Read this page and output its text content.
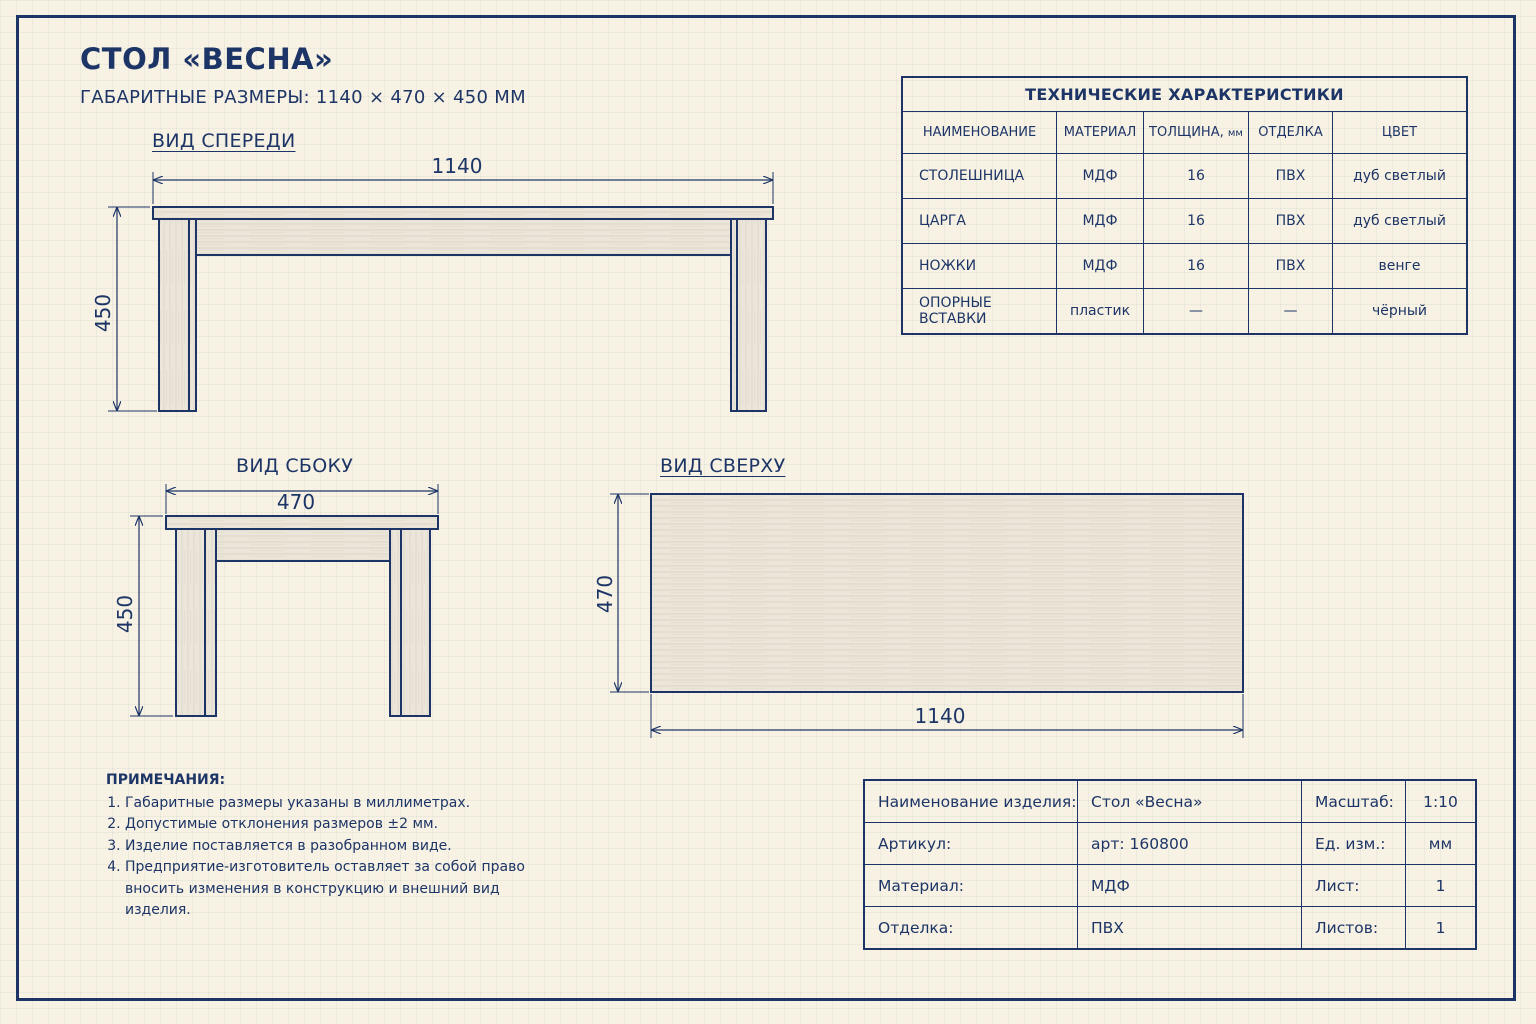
СТОЛ «ВЕСНА»
ГАБАРИТНЫЕ РАЗМЕРЫ: 1140 × 470 × 450 ММ
ВИД СПЕРЕДИ
ВИД СБОКУ	ВИД СВЕРХУ
1140
450
470
450
1140
470
ТЕХНИЧЕСКИЕ ХАРАКТЕРИСТИКИ				
НАИМЕНОВАНИЕ	МАТЕРИАЛ	ТОЛЩИНА, мм	ОТДЕЛКА	ЦВЕТ
СТОЛЕШНИЦА	МДФ	16	ПВХ	дуб светлый
ЦАРГА	МДФ	16	ПВХ	дуб светлый
НОЖКИ	МДФ	16	ПВХ	венге
ОПОРНЫЕ ВСТАВКИ	пластик	—	—	чёрный
ПРИМЕЧАНИЯ:
1. Габаритные размеры указаны в миллиметрах.
2. Допустимые отклонения размеров ±2 мм.
3. Изделие поставляется в разобранном виде.
4. Предприятие-изготовитель оставляет за собой право вносить изменения в конструкцию и внешний вид изделия.
Наименование изделия:	Стол «Весна»	Масштаб:	1:10
Артикул:	арт: 160800	Ед. изм.:	мм
Материал:	МДФ	Лист:	1
Отделка:	ПВХ	Листов:	1
